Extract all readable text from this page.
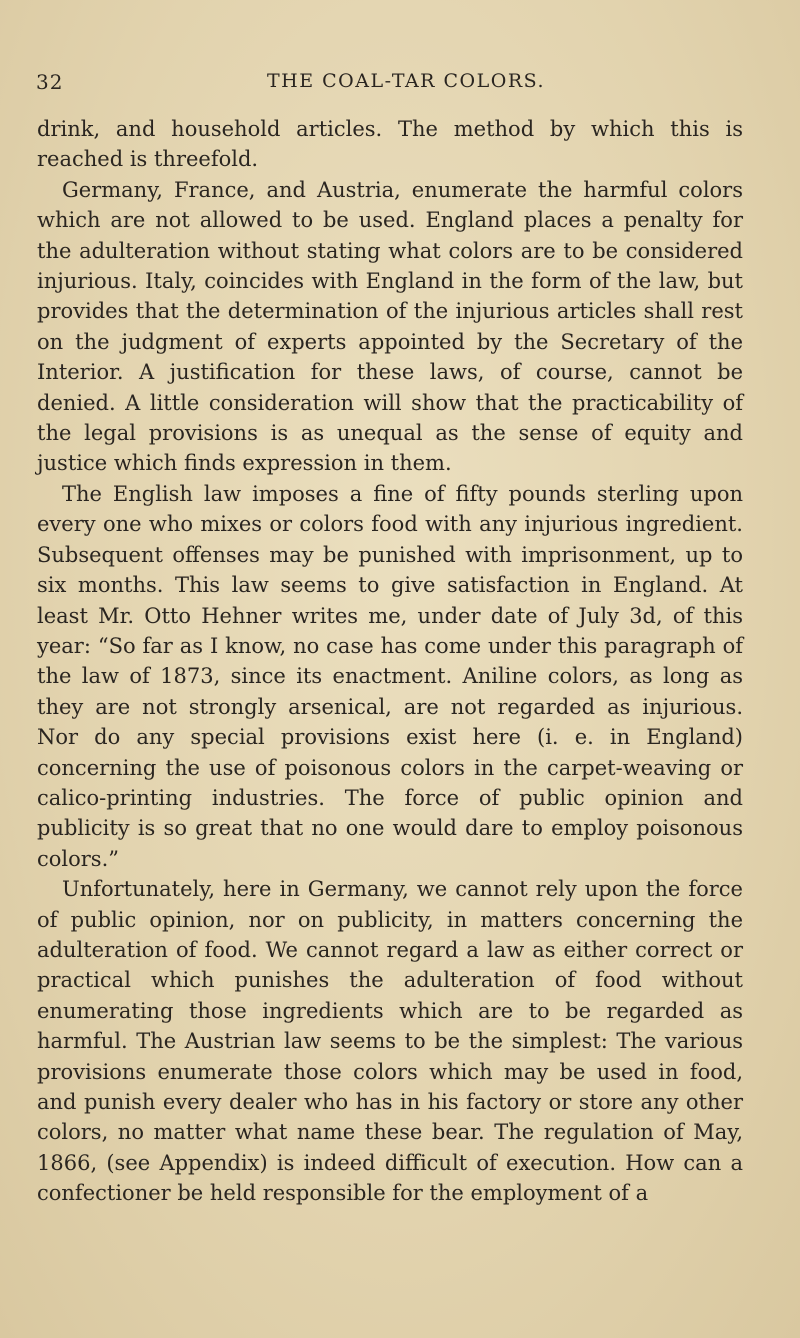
32	THE COAL-TAR COLORS.

drink, and household articles. The method by which this is reached is threefold.

Germany, France, and Austria, enumerate the harmful colors which are not allowed to be used. England places a penalty for the adulteration without stating what colors are to be considered injurious. Italy, coincides with England in the form of the law, but provides that the determination of the injurious articles shall rest on the judgment of experts appointed by the Secretary of the Interior. A justification for these laws, of course, cannot be denied. A little consideration will show that the practicability of the legal provisions is as unequal as the sense of equity and justice which finds expression in them.

The English law imposes a fine of fifty pounds sterling upon every one who mixes or colors food with any injurious ingredient. Subsequent offenses may be punished with imprisonment, up to six months. This law seems to give satisfaction in England. At least Mr. Otto Hehner writes me, under date of July 3d, of this year: “So far as I know, no case has come under this paragraph of the law of 1873, since its enactment. Aniline colors, as long as they are not strongly arsenical, are not regarded as injurious. Nor do any special provisions exist here (i. e. in England) concerning the use of poisonous colors in the carpet-weaving or calico-printing industries. The force of public opinion and publicity is so great that no one would dare to employ poisonous colors.”

Unfortunately, here in Germany, we cannot rely upon the force of public opinion, nor on publicity, in matters concerning the adulteration of food. We cannot regard a law as either correct or practical which punishes the adulteration of food without enumerating those ingredients which are to be regarded as harmful. The Austrian law seems to be the simplest: The various provisions enumerate those colors which may be used in food, and punish every dealer who has in his factory or store any other colors, no matter what name these bear. The regulation of May, 1866, (see Appendix) is indeed difficult of execution. How can a confectioner be held responsible for the employment of a
